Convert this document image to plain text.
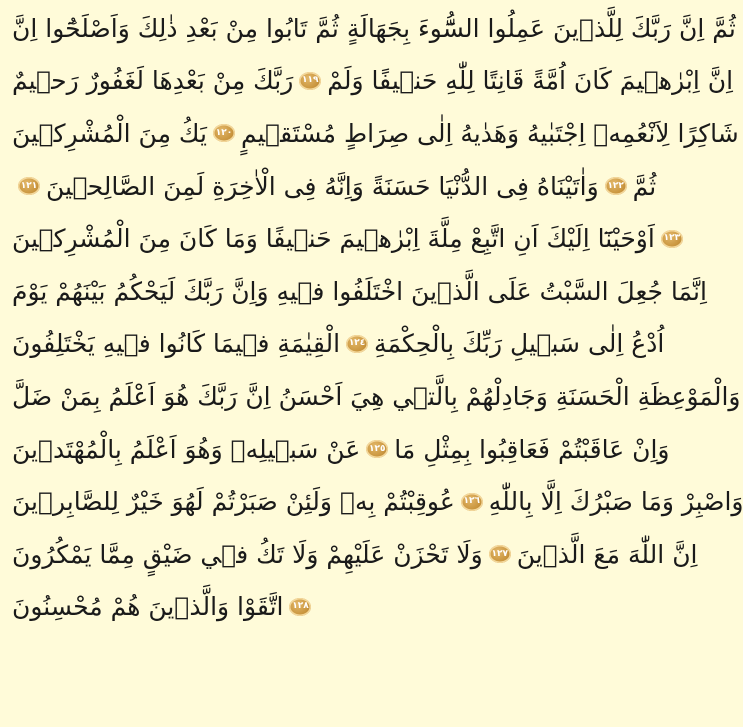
ثُمَّ اِنَّ رَبَّكَ لِلَّذ۪ينَ عَمِلُوا السُّٓوءَ بِجَهَالَةٍ ثُمَّ تَابُوا مِنْ بَعْدِ ذٰلِكَ وَاَصْلَحُٓوا اِنَّ
رَبَّكَ مِنْ بَعْدِهَا لَغَفُورٌ رَح۪يمٌ ١١٩ اِنَّ اِبْرٰه۪يمَ كَانَ اُمَّةً قَانِتًا لِلّٰهِ حَن۪يفًا وَلَمْ
يَكُ مِنَ الْمُشْرِك۪ينَ ١٢٠ شَاكِرًا لِاَنْعُمِه۪ اِجْتَبٰيهُ وَهَدٰيهُ اِلٰى صِرَاطٍ مُسْتَق۪يمٍ
١٢١ وَاٰتَيْنَاهُ فِى الدُّنْيَا حَسَنَةً وَاِنَّهُ فِى الْاٰخِرَةِ لَمِنَ الصَّالِح۪ينَ ١٢٢ ثُمَّ
اَوْحَيْنَٓا اِلَيْكَ اَنِ اتَّبِعْ مِلَّةَ اِبْرٰه۪يمَ حَن۪يفًا وَمَا كَانَ مِنَ الْمُشْرِك۪ينَ ١٢٣
اِنَّمَا جُعِلَ السَّبْتُ عَلَى الَّذ۪ينَ اخْتَلَفُوا ف۪يهِ وَاِنَّ رَبَّكَ لَيَحْكُمُ بَيْنَهُمْ يَوْمَ
الْقِيٰمَةِ ف۪يمَا كَانُوا ف۪يهِ يَخْتَلِفُونَ ١٢٤ اُدْعُ اِلٰى سَب۪يلِ رَبِّكَ بِالْحِكْمَةِ
وَالْمَوْعِظَةِ الْحَسَنَةِ وَجَادِلْهُمْ بِالَّت۪ي هِيَ اَحْسَنُ اِنَّ رَبَّكَ هُوَ اَعْلَمُ بِمَنْ ضَلَّ
عَنْ سَب۪يلِه۪ وَهُوَ اَعْلَمُ بِالْمُهْتَد۪ينَ ١٢٥ وَاِنْ عَاقَبْتُمْ فَعَاقِبُوا بِمِثْلِ مَا
عُوقِبْتُمْ بِه۪ وَلَئِنْ صَبَرْتُمْ لَهُوَ خَيْرٌ لِلصَّابِر۪ينَ ١٢٦ وَاصْبِرْ وَمَا صَبْرُكَ اِلَّا بِاللّٰهِ
وَلَا تَحْزَنْ عَلَيْهِمْ وَلَا تَكُ ف۪ي ضَيْقٍ مِمَّا يَمْكُرُونَ ١٢٧ اِنَّ اللّٰهَ مَعَ الَّذ۪ينَ
اتَّقَوْا وَالَّذ۪ينَ هُمْ مُحْسِنُونَ ١٢٨
